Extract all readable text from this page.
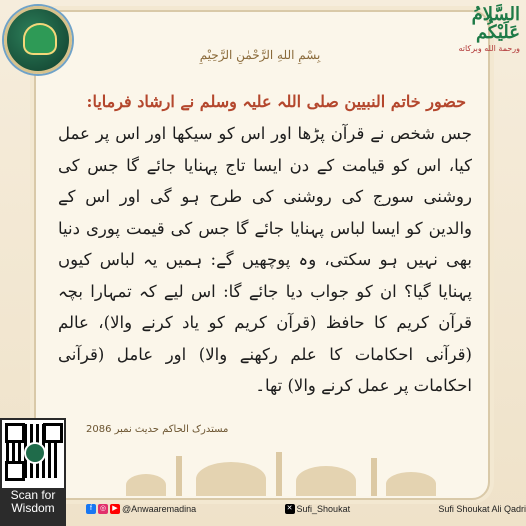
السَّلامُ عَلَيْكُم
ورحمة الله وبركاته
بِسْمِ اللهِ الرَّحْمٰنِ الرَّحِيْمِ
حضور خاتم النبیین صلی اللہ علیہ وسلم نے ارشاد فرمایا:
جس شخص نے قرآن پڑھا اور اس کو سیکھا اور اس پر عمل کیا، اس کو قیامت کے دن ایسا تاج پہنایا جائے گا جس کی روشنی سورج کی روشنی کی طرح ہو گی اور اس کے والدین کو ایسا لباس پہنایا جائے گا جس کی قیمت پوری دنیا بھی نہیں ہو سکتی، وہ پوچھیں گے: ہمیں یہ لباس کیوں پہنایا گیا؟ ان کو جواب دیا جائے گا: اس لیے کہ تمہارا بچہ قرآن کریم کا حافظ (قرآن کریم کو یاد کرنے والا)، عالم (قرآنی احکامات کا علم رکھنے والا) اور عامل (قرآنی احکامات پر عمل کرنے والا) تھا۔
مستدرک الحاکم حدیث نمبر 2086
Scan for Wisdom	f	◎ ▶ @Anwaaremadina	✕ Sufi_Shoukat	Sufi Shoukat Ali Qadri
